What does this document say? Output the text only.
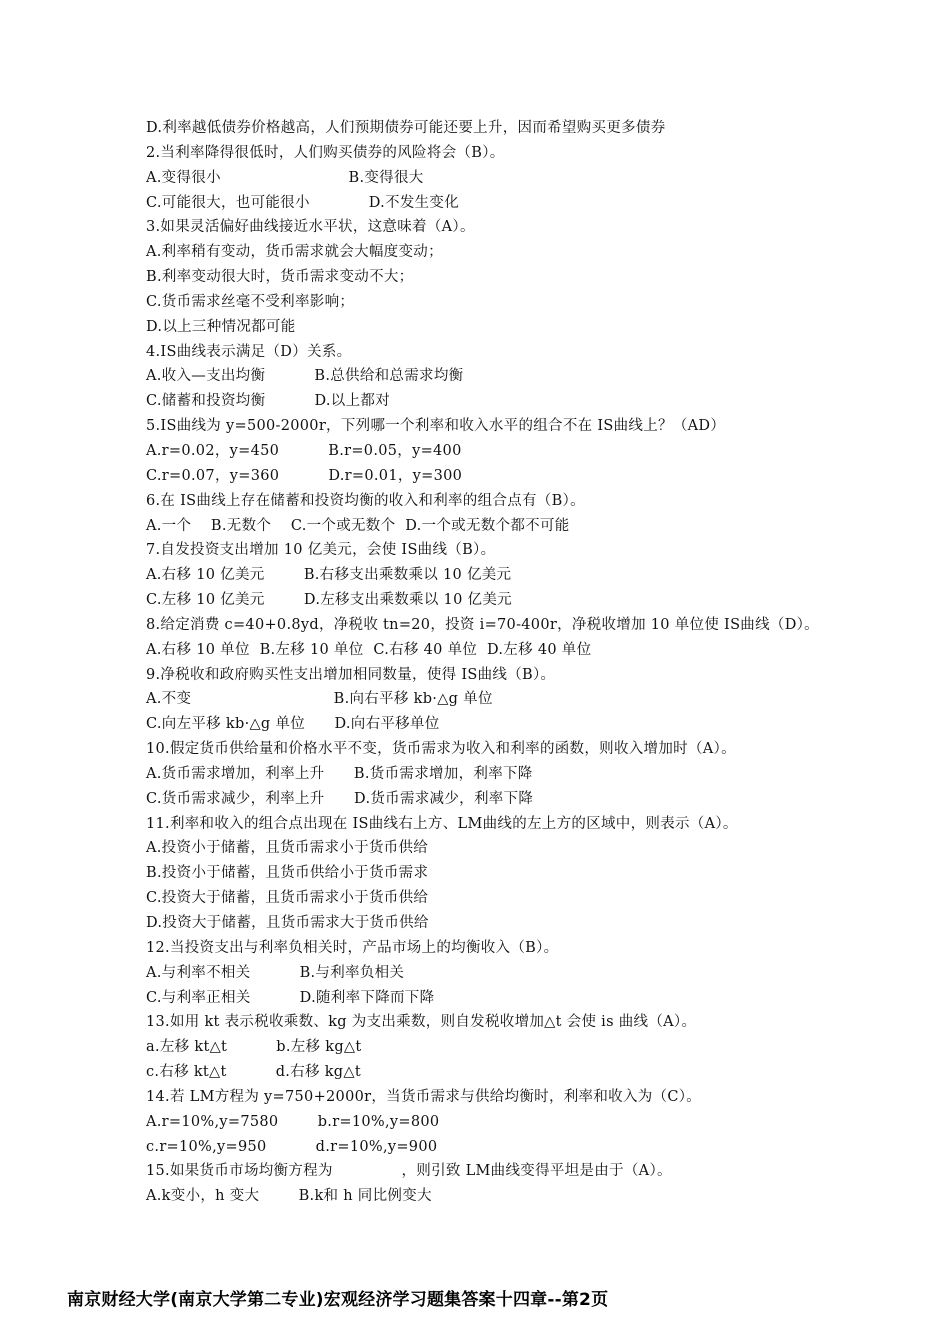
D.利率越低债券价格越高，人们预期债券可能还要上升，因而希望购买更多债券
2.当利率降得很低时，人们购买债券的风险将会（B）。
A.变得很小                          B.变得很大
C.可能很大，也可能很小            D.不发生变化
3.如果灵活偏好曲线接近水平状，这意味着（A）。
A.利率稍有变动，货币需求就会大幅度变动；
B.利率变动很大时，货币需求变动不大；
C.货币需求丝毫不受利率影响；
D.以上三种情况都可能
4.IS曲线表示满足（D）关系。
A.收入—支出均衡          B.总供给和总需求均衡
C.储蓄和投资均衡          D.以上都对
5.IS曲线为 y=500-2000r，下列哪一个利率和收入水平的组合不在 IS曲线上？（AD）
A.r=0.02，y=450          B.r=0.05，y=400
C.r=0.07，y=360          D.r=0.01，y=300
6.在 IS曲线上存在储蓄和投资均衡的收入和利率的组合点有（B）。
A.一个    B.无数个    C.一个或无数个  D.一个或无数个都不可能
7.自发投资支出增加 10 亿美元，会使 IS曲线（B）。
A.右移 10 亿美元        B.右移支出乘数乘以 10 亿美元
C.左移 10 亿美元        D.左移支出乘数乘以 10 亿美元
8.给定消费 c=40+0.8yd，净税收 tn=20，投资 i=70-400r，净税收增加 10 单位使 IS曲线（D）。
A.右移 10 单位  B.左移 10 单位  C.右移 40 单位  D.左移 40 单位
9.净税收和政府购买性支出增加相同数量，使得 IS曲线（B）。
A.不变                             B.向右平移 kb·△g 单位
C.向左平移 kb·△g 单位      D.向右平移单位
10.假定货币供给量和价格水平不变，货币需求为收入和利率的函数，则收入增加时（A）。
A.货币需求增加，利率上升      B.货币需求增加，利率下降
C.货币需求减少，利率上升      D.货币需求减少，利率下降
11.利率和收入的组合点出现在 IS曲线右上方、LM曲线的左上方的区域中，则表示（A）。
A.投资小于储蓄，且货币需求小于货币供给
B.投资小于储蓄，且货币供给小于货币需求
C.投资大于储蓄，且货币需求小于货币供给
D.投资大于储蓄，且货币需求大于货币供给
12.当投资支出与利率负相关时，产品市场上的均衡收入（B）。
A.与利率不相关          B.与利率负相关
C.与利率正相关          D.随利率下降而下降
13.如用 kt 表示税收乘数、kg 为支出乘数，则自发税收增加△t 会使 is 曲线（A）。
a.左移 kt△t          b.左移 kg△t
c.右移 kt△t          d.右移 kg△t
14.若 LM方程为 y=750+2000r，当货币需求与供给均衡时，利率和收入为（C）。
A.r=10%,y=7580        b.r=10%,y=800
c.r=10%,y=950          d.r=10%,y=900
15.如果货币市场均衡方程为              ，则引致 LM曲线变得平坦是由于（A）。
A.k变小，h 变大        B.k和 h 同比例变大
南京财经大学(南京大学第二专业)宏观经济学习题集答案十四章--第2页
